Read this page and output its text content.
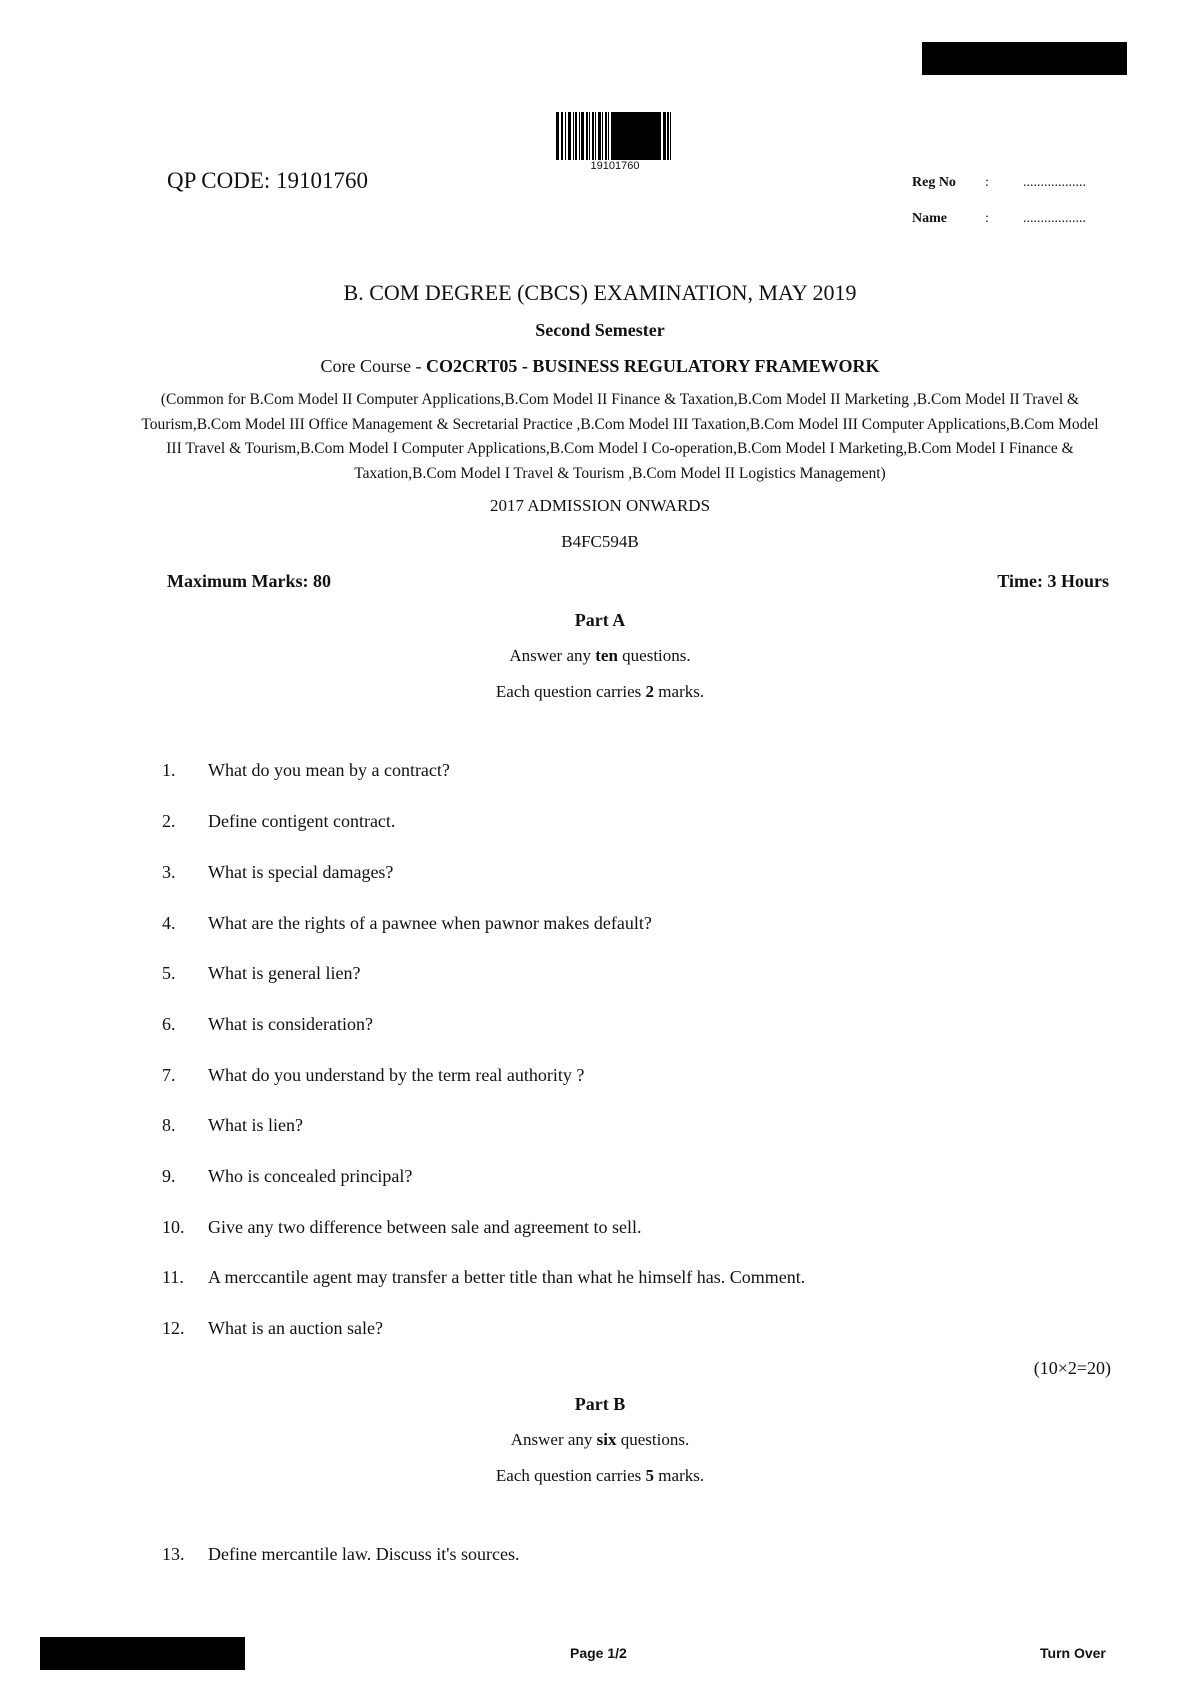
QP CODE: 19101760
19101760
Reg No : ..................
Name	: ..................
B. COM DEGREE (CBCS) EXAMINATION, MAY 2019
Second Semester
Core Course - CO2CRT05 - BUSINESS REGULATORY FRAMEWORK
(Common for B.Com Model II Computer Applications,B.Com Model II Finance & Taxation,B.Com Model II Marketing ,B.Com Model II Travel & Tourism,B.Com Model III Office Management & Secretarial Practice ,B.Com Model III Taxation,B.Com Model III Computer Applications,B.Com Model III Travel & Tourism,B.Com Model I Computer Applications,B.Com Model I Co-operation,B.Com Model I Marketing,B.Com Model I Finance & Taxation,B.Com Model I Travel & Tourism ,B.Com Model II Logistics Management)
2017 ADMISSION ONWARDS
B4FC594B
Maximum Marks: 80	Time: 3 Hours
Part A
Answer any ten questions.
Each question carries 2 marks.
1. What do you mean by a contract?
2. Define contigent contract.
3. What is special damages?
4. What are the rights of a pawnee when pawnor makes default?
5. What is general lien?
6. What is consideration?
7. What do you understand by the term real authority ?
8. What is lien?
9. Who is concealed principal?
10. Give any two difference between sale and agreement to sell.
11. A merccantile agent may transfer a better title than what he himself has. Comment.
12. What is an auction sale?
(10×2=20)
Part B
Answer any six questions.
Each question carries 5 marks.
13. Define mercantile law. Discuss it's sources.
Page 1/2	Turn Over
